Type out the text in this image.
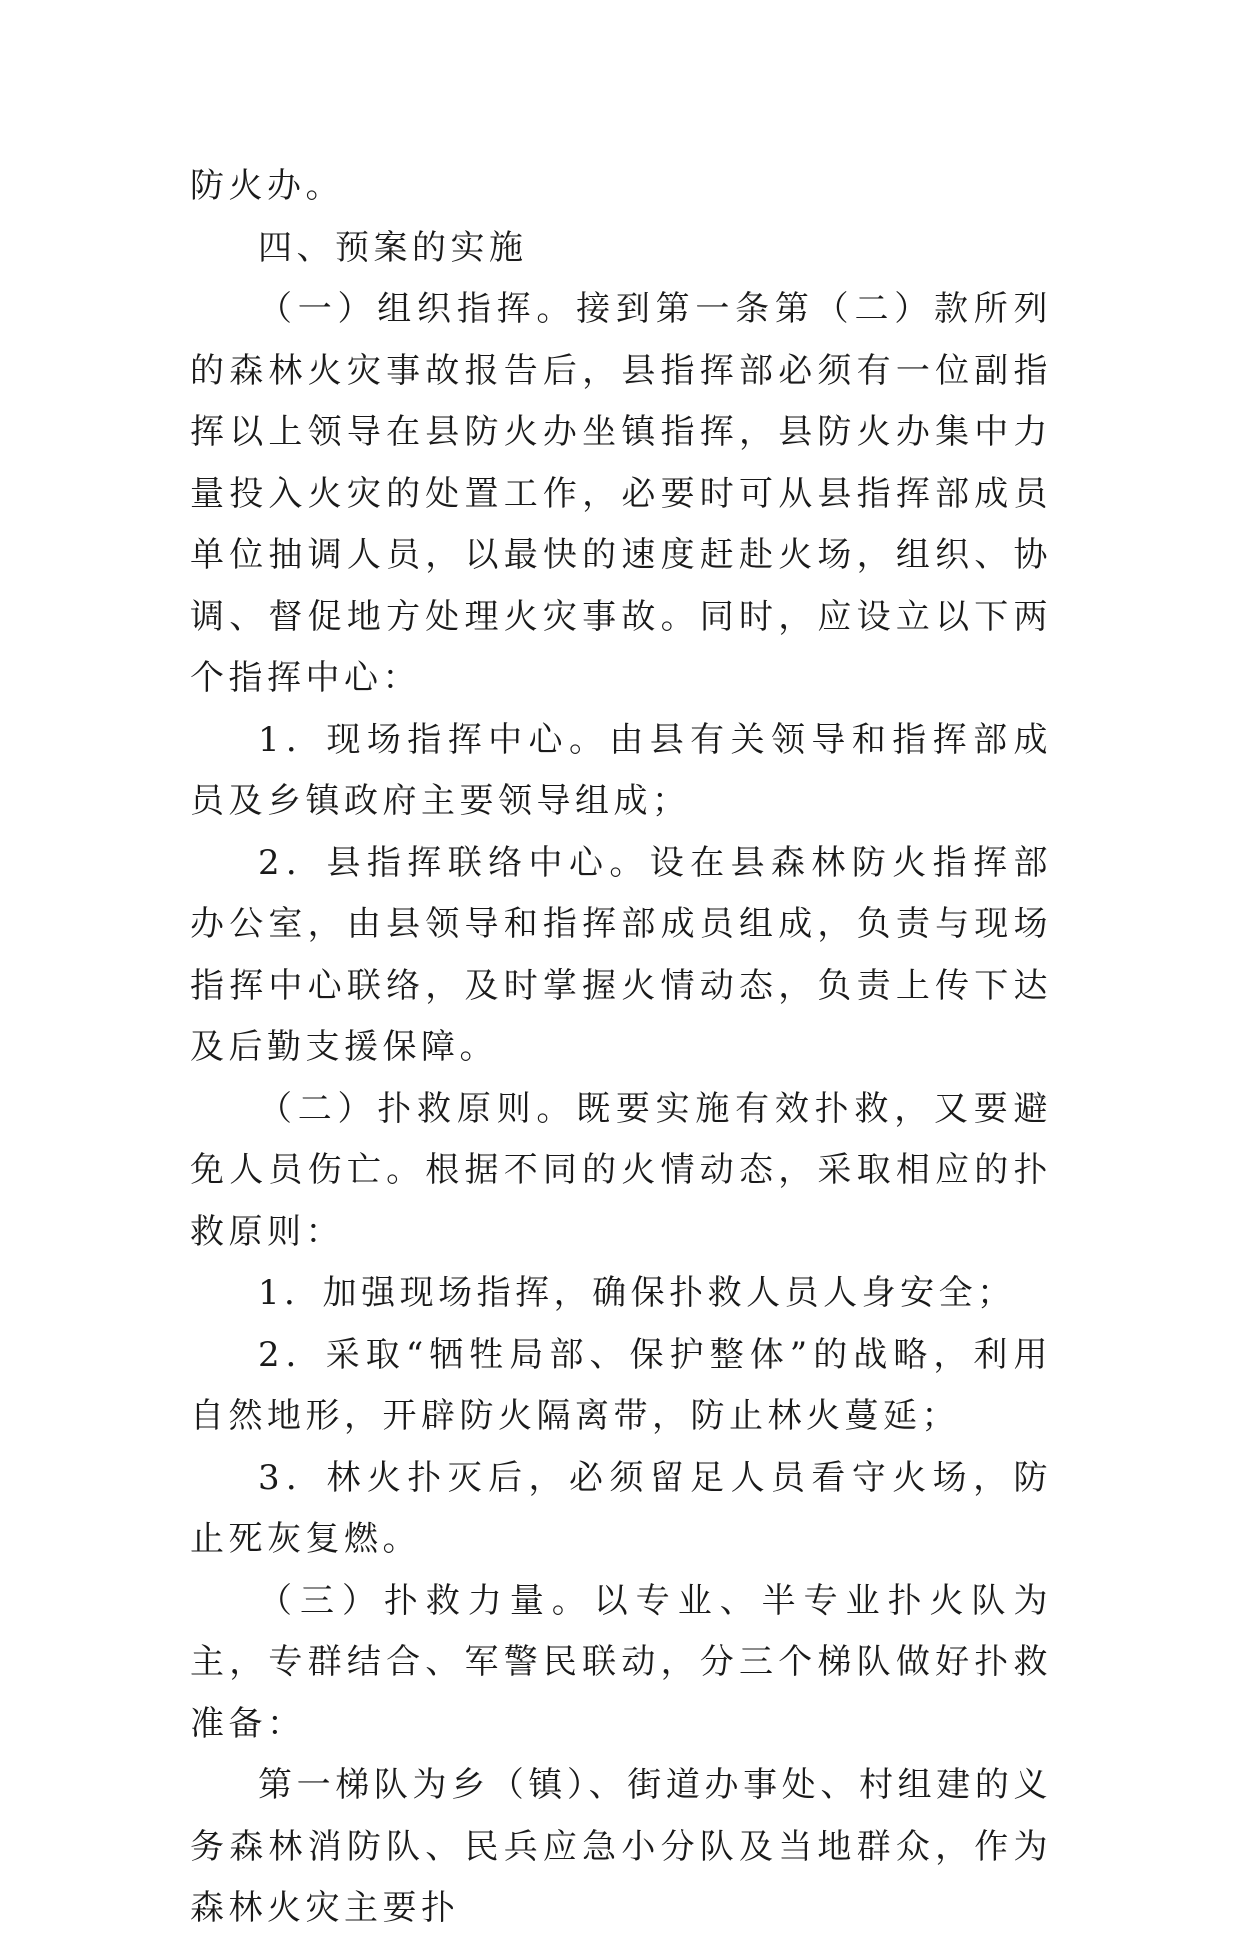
防火办。

四、预案的实施

（一）组织指挥。接到第一条第（二）款所列的森林火灾事故报告后，县指挥部必须有一位副指挥以上领导在县防火办坐镇指挥，县防火办集中力量投入火灾的处置工作，必要时可从县指挥部成员单位抽调人员，以最快的速度赶赴火场，组织、协调、督促地方处理火灾事故。同时，应设立以下两个指挥中心：

1．现场指挥中心。由县有关领导和指挥部成员及乡镇政府主要领导组成；

2．县指挥联络中心。设在县森林防火指挥部办公室，由县领导和指挥部成员组成，负责与现场指挥中心联络，及时掌握火情动态，负责上传下达及后勤支援保障。

（二）扑救原则。既要实施有效扑救，又要避免人员伤亡。根据不同的火情动态，采取相应的扑救原则：

1．加强现场指挥，确保扑救人员人身安全；

2．采取“牺牲局部、保护整体”的战略，利用自然地形，开辟防火隔离带，防止林火蔓延；

3．林火扑灭后，必须留足人员看守火场，防止死灰复燃。

（三）扑救力量。以专业、半专业扑火队为主，专群结合、军警民联动，分三个梯队做好扑救准备：

第一梯队为乡（镇）、街道办事处、村组建的义务森林消防队、民兵应急小分队及当地群众，作为森林火灾主要扑
